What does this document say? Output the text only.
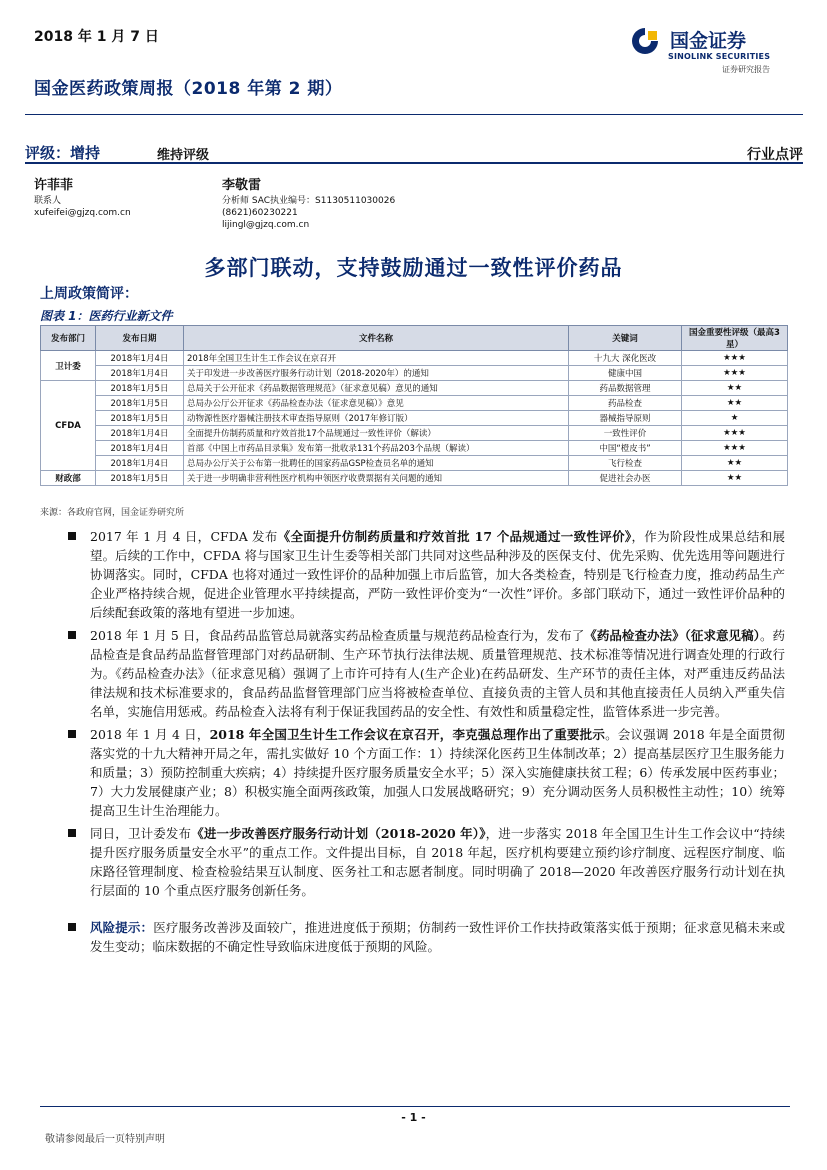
2018 年 1 月 7 日
国金医药政策周报（2018 年第 2 期）
国金证券
SINOLINK SECURITIES
证券研究报告
评级：增持	维持评级	行业点评
许菲菲
联系人
xufeifei@gjzq.com.cn
李敬雷
分析师 SAC执业编号：S1130511030026
(8621)60230221
lijingl@gjzq.com.cn
多部门联动，支持鼓励通过一致性评价药品
上周政策简评：
图表 1：医药行业新文件
发布部门	发布日期	文件名称	关键词	国金重要性评级（最高3星）
卫计委	2018年1月4日	2018年全国卫生计生工作会议在京召开	十九大 深化医改	★★★
	2018年1月4日	关于印发进一步改善医疗服务行动计划（2018-2020年）的通知	健康中国	★★★
CFDA	2018年1月5日	总局关于公开征求《药品数据管理规范》（征求意见稿）意见的通知	药品数据管理	★★
	2018年1月5日	总局办公厅公开征求《药品检查办法（征求意见稿）》意见	药品检查	★★
	2018年1月5日	动物源性医疗器械注册技术审查指导原则（2017年修订版）	器械指导原则	★
	2018年1月4日	全面提升仿制药质量和疗效首批17个品规通过一致性评价（解读）	一致性评价	★★★
	2018年1月4日	首部《中国上市药品目录集》发布第一批收录131个药品203个品规（解读）	中国“橙皮书”	★★★
	2018年1月4日	总局办公厅关于公布第一批聘任的国家药品GSP检查员名单的通知	飞行检查	★★
财政部	2018年1月5日	关于进一步明确非营利性医疗机构申领医疗收费票据有关问题的通知	促进社会办医	★★
来源：各政府官网，国金证券研究所
2017 年 1 月 4 日，CFDA 发布《全面提升仿制药质量和疗效首批 17 个品规通过一致性评价》，作为阶段性成果总结和展望。后续的工作中，CFDA 将与国家卫生计生委等相关部门共同对这些品种涉及的医保支付、优先采购、优先选用等问题进行协调落实。同时，CFDA 也将对通过一致性评价的品种加强上市后监管，加大各类检查，特别是飞行检查力度，推动药品生产企业严格持续合规，促进企业管理水平持续提高，严防一致性评价变为“一次性”评价。多部门联动下，通过一致性评价品种的后续配套政策的落地有望进一步加速。
2018 年 1 月 5 日，食品药品监管总局就落实药品检查质量与规范药品检查行为，发布了《药品检查办法》（征求意见稿）。药品检查是食品药品监督管理部门对药品研制、生产环节执行法律法规、质量管理规范、技术标准等情况进行调查处理的行政行为。《药品检查办法》（征求意见稿）强调了上市许可持有人(生产企业)在药品研发、生产环节的责任主体，对严重违反药品法律法规和技术标准要求的，食品药品监督管理部门应当将被检查单位、直接负责的主管人员和其他直接责任人员纳入严重失信名单，实施信用惩戒。药品检查入法将有利于保证我国药品的安全性、有效性和质量稳定性，监管体系进一步完善。
2018 年 1 月 4 日，2018 年全国卫生计生工作会议在京召开，李克强总理作出了重要批示。会议强调 2018 年是全面贯彻落实党的十九大精神开局之年，需扎实做好 10 个方面工作：1）持续深化医药卫生体制改革；2）提高基层医疗卫生服务能力和质量；3）预防控制重大疾病；4）持续提升医疗服务质量安全水平；5）深入实施健康扶贫工程；6）传承发展中医药事业；7）大力发展健康产业；8）积极实施全面两孩政策，加强人口发展战略研究；9）充分调动医务人员积极性主动性；10）统筹提高卫生计生治理能力。
同日，卫计委发布《进一步改善医疗服务行动计划（2018-2020 年）》，进一步落实 2018 年全国卫生计生工作会议中“持续提升医疗服务质量安全水平”的重点工作。文件提出目标，自 2018 年起，医疗机构要建立预约诊疗制度、远程医疗制度、临床路径管理制度、检查检验结果互认制度、医务社工和志愿者制度。同时明确了 2018—2020 年改善医疗服务行动计划在执行层面的 10 个重点医疗服务创新任务。
风险提示：医疗服务改善涉及面较广，推进进度低于预期；仿制药一致性评价工作扶持政策落实低于预期；征求意见稿未来或发生变动；临床数据的不确定性导致临床进度低于预期的风险。
- 1 -
敬请参阅最后一页特别声明
